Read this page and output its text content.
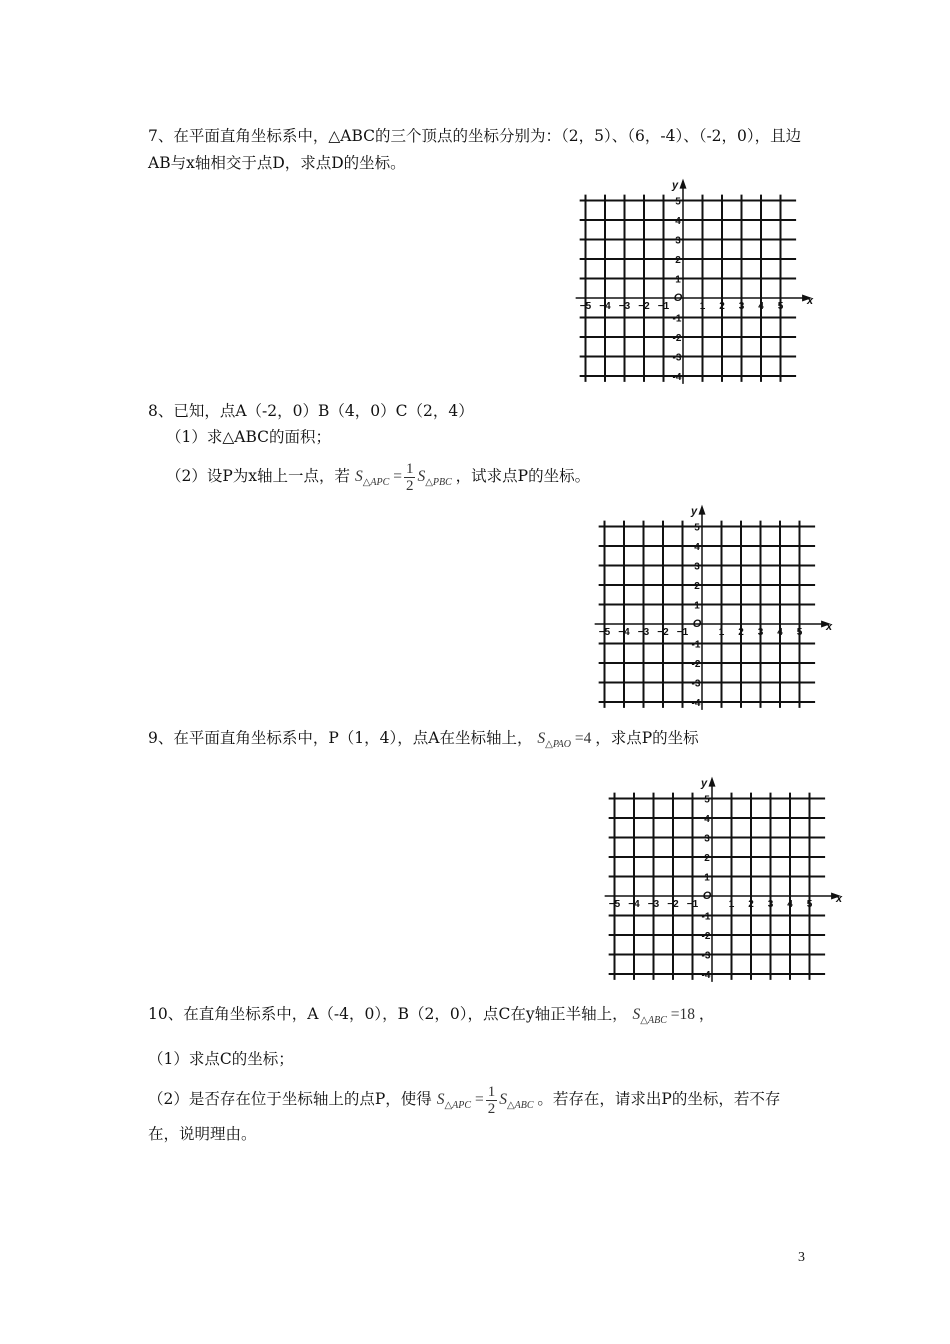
7、在平面直角坐标系中，△ABC的三个顶点的坐标分别为：（2，5）、（6，-4）、（-2，0），且边
AB与x轴相交于点D，求点D的坐标。
x
y
O
−5 −4 −3 −2 −1	1 2 3 4 5
1
2
3
4
5
-1
-2
-3
-4
8、已知，点A（-2，0）B（4，0）C（2，4）
（1）求△ABC的面积；
（2）设P为x轴上一点，若 $S_{\triangle APC} = \frac{1}{2} S_{\triangle PBC}$ ，试求点P的坐标。
x
y
O
−5 −4 −3 −2 −1	1 2 3 4 5
1
2
3
4
5
-1
-2
-3
-4
9、在平面直角坐标系中，P（1，4），点A在坐标轴上， $S_{\triangle PAO} =4$ ，求点P的坐标
x
y
O
−5 −4 −3 −2 −1	1 2 3 4 5
1
2
3
4
5
-1
-2
-3
-4
10、在直角坐标系中，A（-4，0），B（2，0），点C在y轴正半轴上， $S_{\triangle ABC} =18$ ，
（1）求点C的坐标；
（2）是否存在位于坐标轴上的点P，使得 $S_{\triangle APC} = \frac{1}{2} S_{\triangle ABC}$ 。若存在，请求出P的坐标，若不存
在，说明理由。
3
